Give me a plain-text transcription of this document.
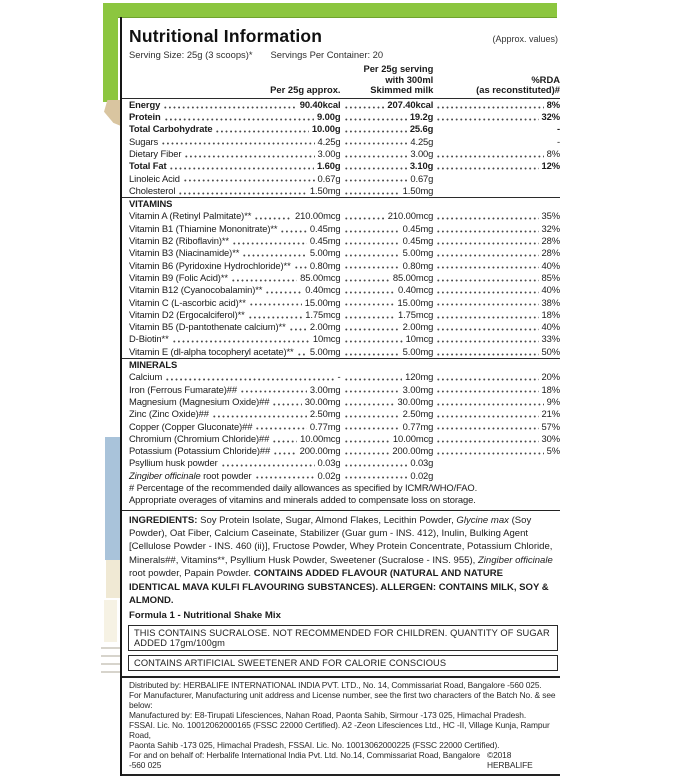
Nutritional Information	(Approx. values)
Serving Size: 25g (3 scoops)* Servings Per Container: 20
Per 25g approx.
Per 25g serving
with 300ml
Skimmed milk
%RDA
(as reconstituted)#
Energy	90.40kcal	207.40kcal	8%
Protein	9.00g	19.2g	32%
Total Carbohydrate	10.00g	25.6g	-
Sugars	4.25g	4.25g	-
Dietary Fiber	3.00g	3.00g	8%
Total Fat	1.60g	3.10g	12%
Linoleic Acid	0.67g	0.67g
Cholesterol	1.50mg	1.50mg
VITAMINS
Vitamin A (Retinyl Palmitate)**	210.00mcg	210.00mcg	35%
Vitamin B1 (Thiamine Mononitrate)**	0.45mg	0.45mg	32%
Vitamin B2 (Riboflavin)**	0.45mg	0.45mg	28%
Vitamin B3 (Niacinamide)**	5.00mg	5.00mg	28%
Vitamin B6 (Pyridoxine Hydrochloride)** 0.80mg	0.80mg	40%
Vitamin B9 (Folic Acid)**	85.00mcg	85.00mcg	85%
Vitamin B12 (Cyanocobalamin)**	0.40mcg	0.40mcg	40%
Vitamin C (L-ascorbic acid)**	15.00mg	15.00mg	38%
Vitamin D2 (Ergocalciferol)**	1.75mcg	1.75mcg	18%
Vitamin B5 (D-pantothenate calcium)**	2.00mg	2.00mg	40%
D-Biotin**	10mcg	10mcg	33%
Vitamin E (dl-alpha tocopheryl acetate)** 5.00mg	5.00mg	50%
MINERALS
Calcium	-	120mg	20%
Iron (Ferrous Fumarate)##	3.00mg	3.00mg	18%
Magnesium (Magnesium Oxide)##	30.00mg	30.00mg	9%
Zinc (Zinc Oxide)##	2.50mg	2.50mg	21%
Copper (Copper Gluconate)##	0.77mg	0.77mg	57%
Chromium (Chromium Chloride)##	10.00mcg	10.00mcg	30%
Potassium (Potassium Chloride)##	200.00mg	200.00mg	5%
Psyllium husk powder	0.03g	0.03g
Zingiber officinale root powder	0.02g	0.02g
# Percentage of the recommended daily allowances as specified by ICMR/WHO/FAO.
Appropriate overages of vitamins and minerals added to compensate loss on storage.
INGREDIENTS: Soy Protein Isolate, Sugar, Almond Flakes, Lecithin Powder, Glycine max (Soy Powder), Oat Fiber, Calcium Caseinate, Stabilizer (Guar gum - INS. 412), Inulin, Bulking Agent [Cellulose Powder - INS. 460 (ii)], Fructose Powder, Whey Protein Concentrate, Potassium Chloride, Minerals##, Vitamins**, Psyllium Husk Powder, Sweetener (Sucralose - INS. 955), Zingiber officinale root powder, Papain Powder. CONTAINS ADDED FLAVOUR (NATURAL AND NATURE IDENTICAL MAVA KULFI FLAVOURING SUBSTANCES). ALLERGEN: CONTAINS MILK, SOY & ALMOND.
Formula 1 - Nutritional Shake Mix
THIS CONTAINS SUCRALOSE. NOT RECOMMENDED FOR CHILDREN. QUANTITY OF SUGAR ADDED 17gm/100gm
CONTAINS ARTIFICIAL SWEETENER AND FOR CALORIE CONSCIOUS
Distributed by: HERBALIFE INTERNATIONAL INDIA PVT. LTD., No. 14, Commissariat Road, Bangalore -560 025.
For Manufacturer, Manufacturing unit address and License number, see the first two characters of the Batch No. & see below:
Manufactured by: E8-Tirupati Lifesciences, Nahan Road, Paonta Sahib, Sirmour -173 025, Himachal Pradesh.
FSSAI. Lic. No. 10012062000165 (FSSC 22000 Certified). A2 -Zeon Lifesciences Ltd., HC -II, Village Kunja, Rampur Road,
Paonta Sahib -173 025, Himachal Pradesh, FSSAI. Lic. No. 10013062000225 (FSSC 22000 Certified).
For and on behalf of: Herbalife International India Pvt. Ltd. No.14, Commissariat Road, Bangalore -560 025
©2018 HERBALIFE
